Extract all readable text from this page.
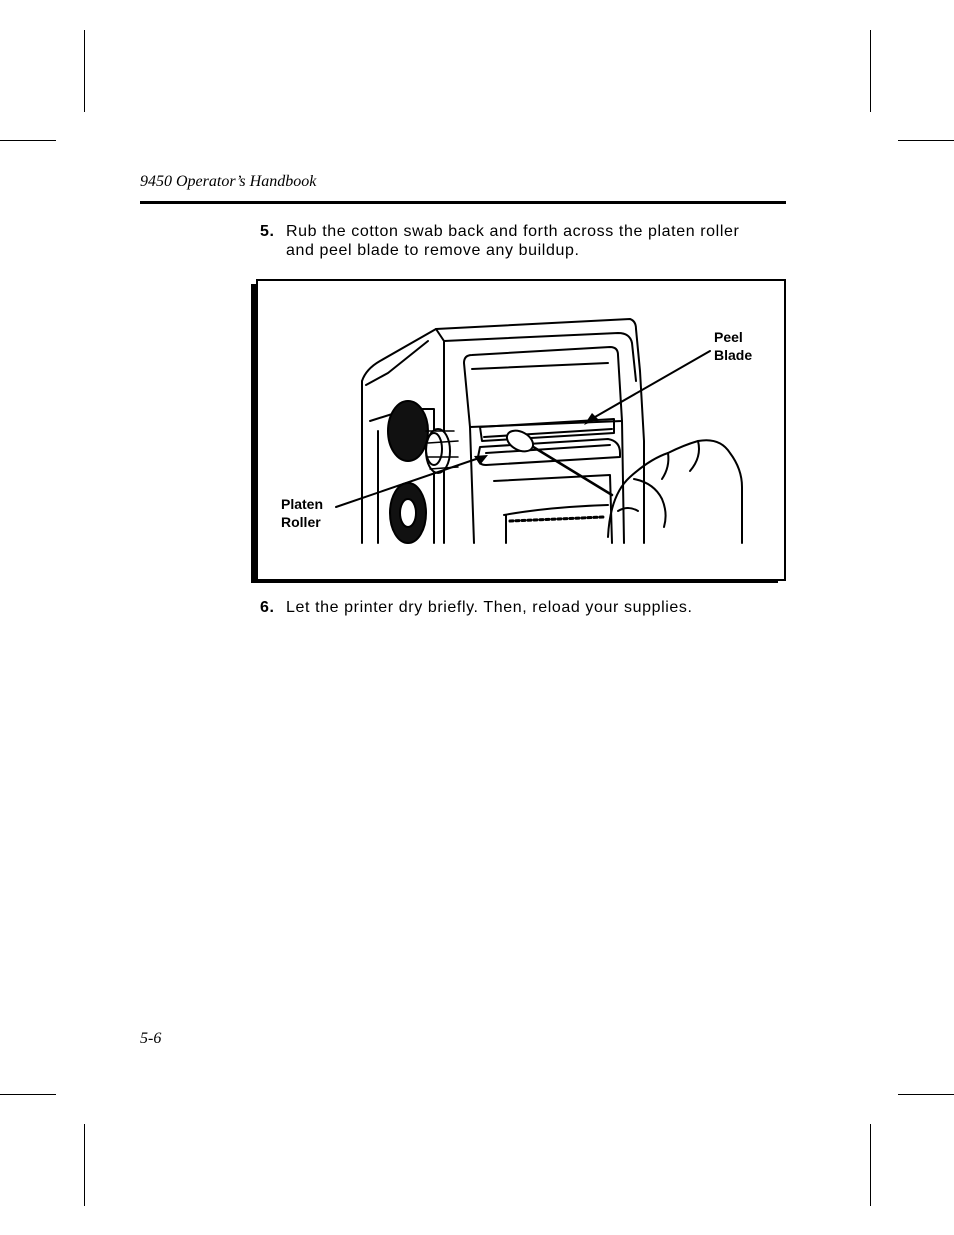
9450 Operator’s Handbook
5. Rub the cotton swab back and forth across the platen roller and peel blade to remove any buildup.
Peel
Blade
Platen
Roller
6. Let the printer dry briefly. Then, reload your supplies.
5-6
